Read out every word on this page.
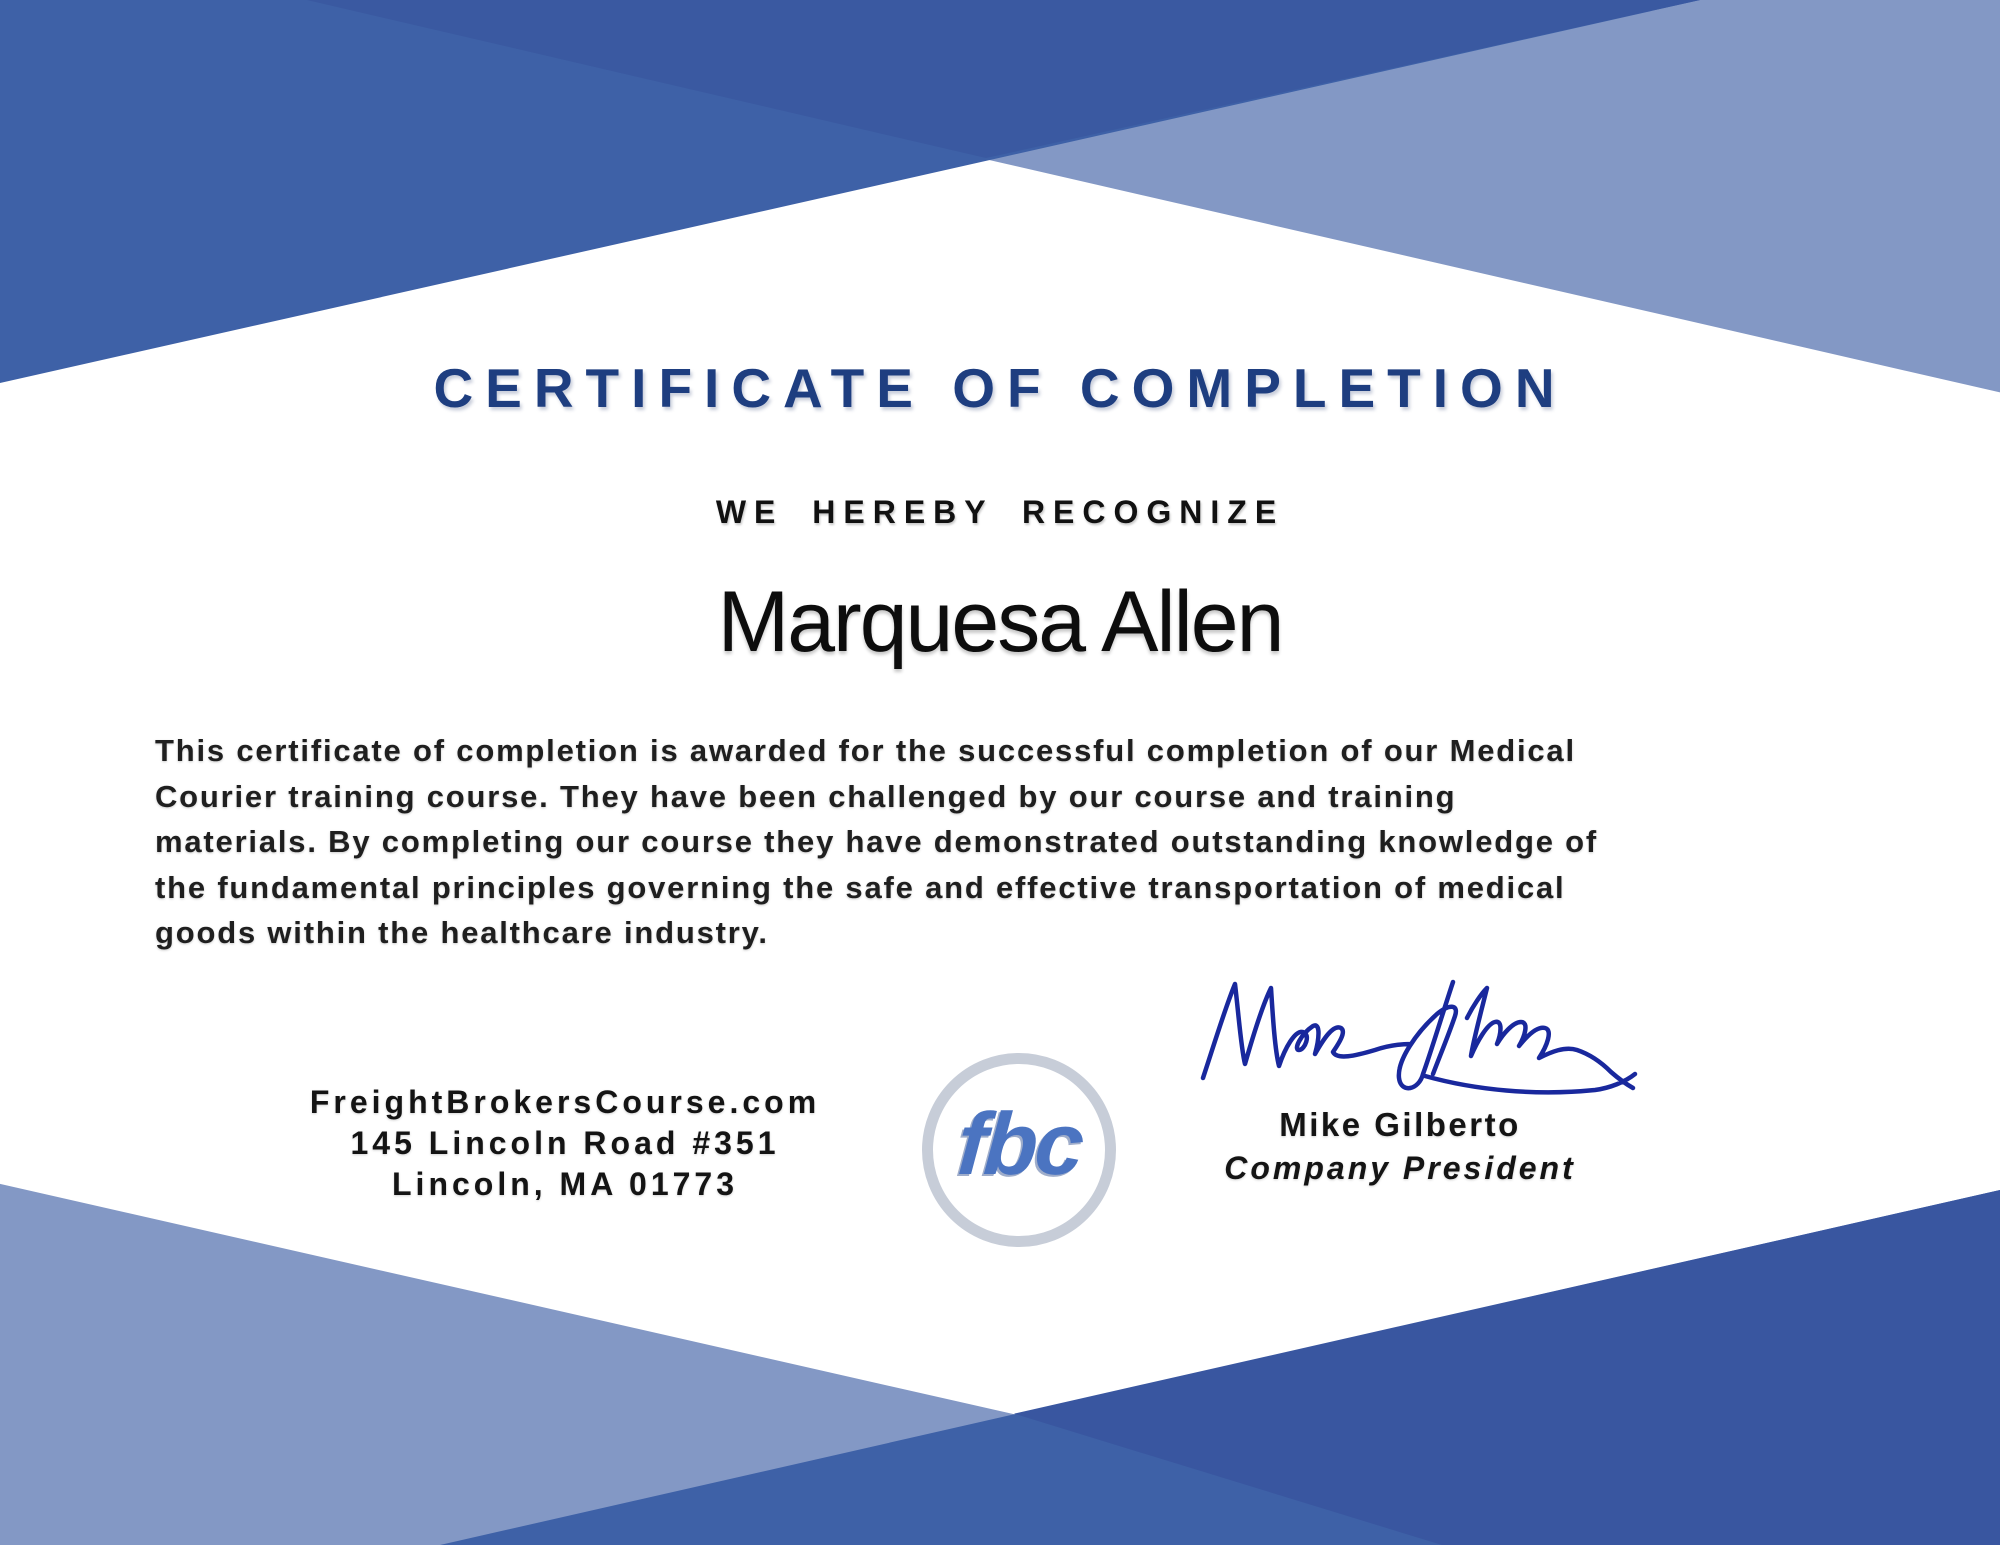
CERTIFICATE OF COMPLETION
WE HEREBY RECOGNIZE
Marquesa Allen
This certificate of completion is awarded for the successful completion of our Medical
Courier training course. They have been challenged by our course and training
materials. By completing our course they have demonstrated outstanding knowledge of
the fundamental principles governing the safe and effective transportation of medical
goods within the healthcare industry.
FreightBrokersCourse.com
145 Lincoln Road #351
Lincoln, MA 01773	fbc	Mike Gilberto
Company President
